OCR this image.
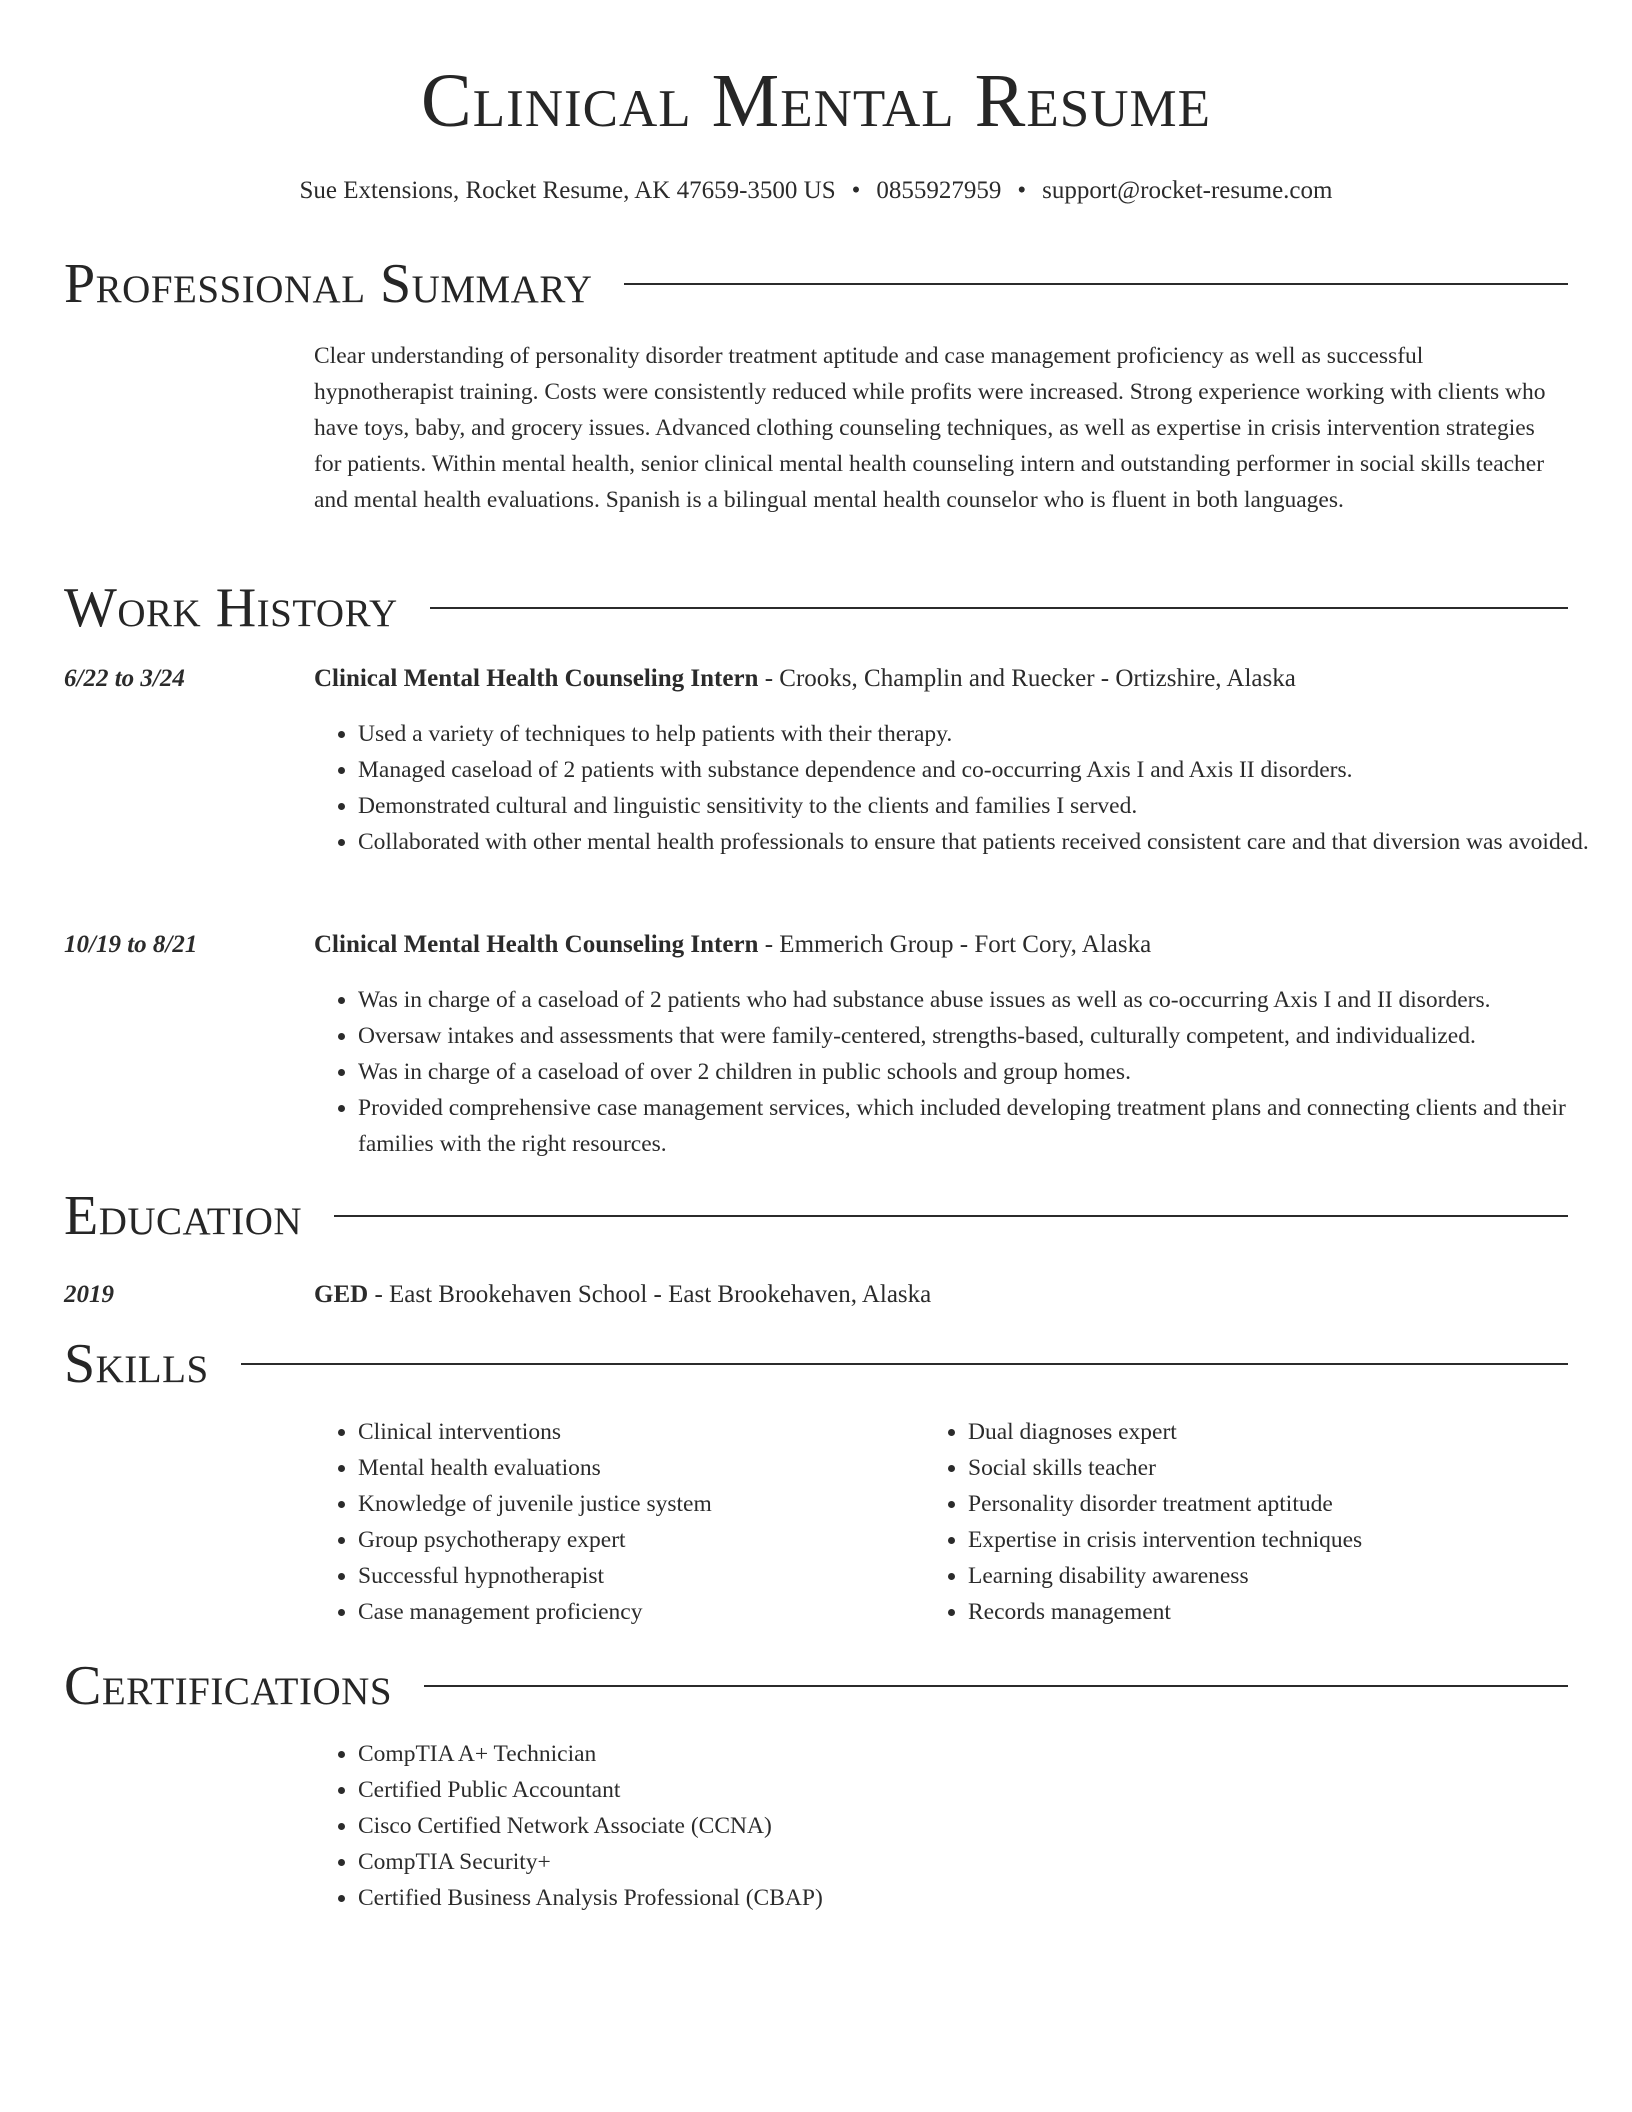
Clinical Mental Resume
Sue Extensions, Rocket Resume, AK 47659-3500 US • 0855927959 • support@rocket-resume.com
Professional Summary

Clear understanding of personality disorder treatment aptitude and case management proficiency as well as successful hypnotherapist training. Costs were consistently reduced while profits were increased. Strong experience working with clients who have toys, baby, and grocery issues. Advanced clothing counseling techniques, as well as expertise in crisis intervention strategies for patients. Within mental health, senior clinical mental health counseling intern and outstanding performer in social skills teacher and mental health evaluations. Spanish is a bilingual mental health counselor who is fluent in both languages.

Work History
6/22 to 3/24	Clinical Mental Health Counseling Intern - Crooks, Champlin and Ruecker - Ortizshire, Alaska
• Used a variety of techniques to help patients with their therapy.
• Managed caseload of 2 patients with substance dependence and co-occurring Axis I and Axis II disorders.
• Demonstrated cultural and linguistic sensitivity to the clients and families I served.
• Collaborated with other mental health professionals to ensure that patients received consistent care and that diversion was avoided.
10/19 to 8/21	Clinical Mental Health Counseling Intern - Emmerich Group - Fort Cory, Alaska
• Was in charge of a caseload of 2 patients who had substance abuse issues as well as co-occurring Axis I and II disorders.
• Oversaw intakes and assessments that were family-centered, strengths-based, culturally competent, and individualized.
• Was in charge of a caseload of over 2 children in public schools and group homes.
• Provided comprehensive case management services, which included developing treatment plans and connecting clients and their families with the right resources.
Education
2019	GED - East Brookehaven School - East Brookehaven, Alaska
Skills
• Clinical interventions
• Mental health evaluations
• Knowledge of juvenile justice system
• Group psychotherapy expert
• Successful hypnotherapist
• Case management proficiency
• Dual diagnoses expert
• Social skills teacher
• Personality disorder treatment aptitude
• Expertise in crisis intervention techniques
• Learning disability awareness
• Records management
Certifications
• CompTIA A+ Technician
• Certified Public Accountant
• Cisco Certified Network Associate (CCNA)
• CompTIA Security+
• Certified Business Analysis Professional (CBAP)
